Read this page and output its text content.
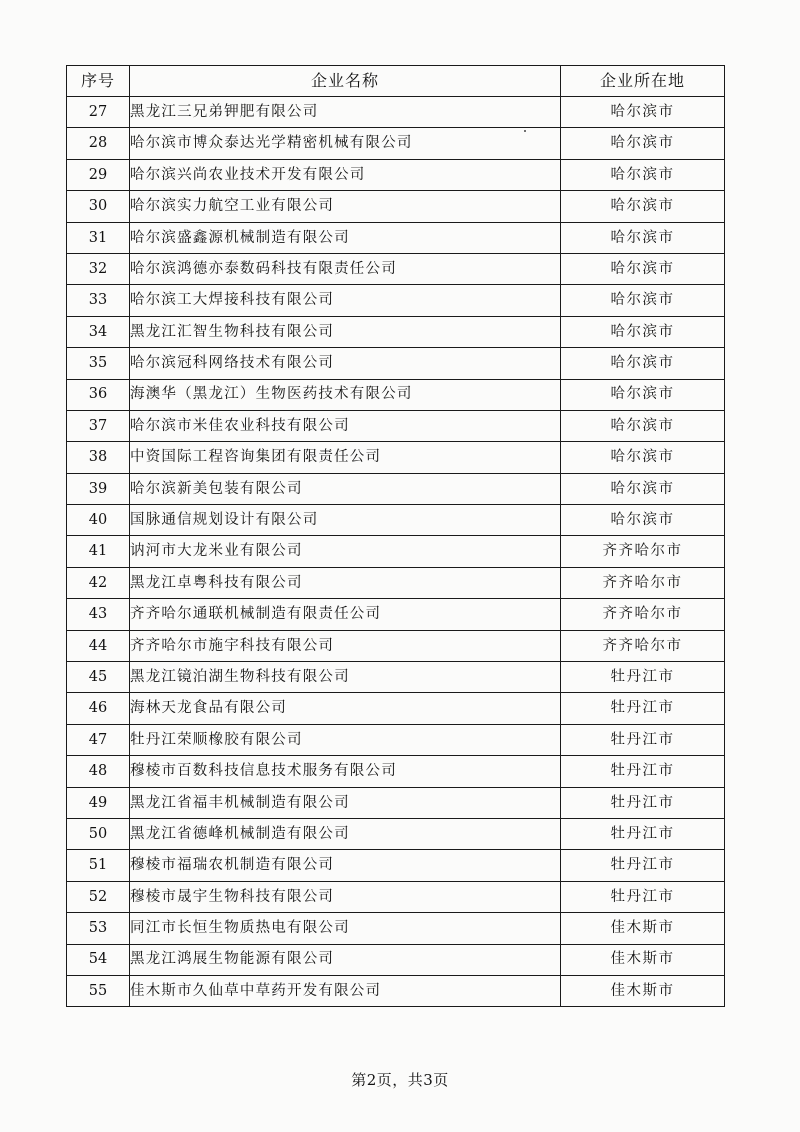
序号	企业名称	企业所在地
27	黑龙江三兄弟钾肥有限公司	哈尔滨市
28	哈尔滨市博众泰达光学精密机械有限公司	哈尔滨市
29	哈尔滨兴尚农业技术开发有限公司	哈尔滨市
30	哈尔滨实力航空工业有限公司	哈尔滨市
31	哈尔滨盛鑫源机械制造有限公司	哈尔滨市
32	哈尔滨鸿德亦泰数码科技有限责任公司	哈尔滨市
33	哈尔滨工大焊接科技有限公司	哈尔滨市
34	黑龙江汇智生物科技有限公司	哈尔滨市
35	哈尔滨冠科网络技术有限公司	哈尔滨市
36	海澳华（黑龙江）生物医药技术有限公司	哈尔滨市
37	哈尔滨市米佳农业科技有限公司	哈尔滨市
38	中资国际工程咨询集团有限责任公司	哈尔滨市
39	哈尔滨新美包装有限公司	哈尔滨市
40	国脉通信规划设计有限公司	哈尔滨市
41	讷河市大龙米业有限公司	齐齐哈尔市
42	黑龙江卓粤科技有限公司	齐齐哈尔市
43	齐齐哈尔通联机械制造有限责任公司	齐齐哈尔市
44	齐齐哈尔市施宇科技有限公司	齐齐哈尔市
45	黑龙江镜泊湖生物科技有限公司	牡丹江市
46	海林天龙食品有限公司	牡丹江市
47	牡丹江荣顺橡胶有限公司	牡丹江市
48	穆棱市百数科技信息技术服务有限公司	牡丹江市
49	黑龙江省福丰机械制造有限公司	牡丹江市
50	黑龙江省德峰机械制造有限公司	牡丹江市
51	穆棱市福瑞农机制造有限公司	牡丹江市
52	穆棱市晟宇生物科技有限公司	牡丹江市
53	同江市长恒生物质热电有限公司	佳木斯市
54	黑龙江鸿展生物能源有限公司	佳木斯市
55	佳木斯市久仙草中草药开发有限公司	佳木斯市
第2页，共3页
